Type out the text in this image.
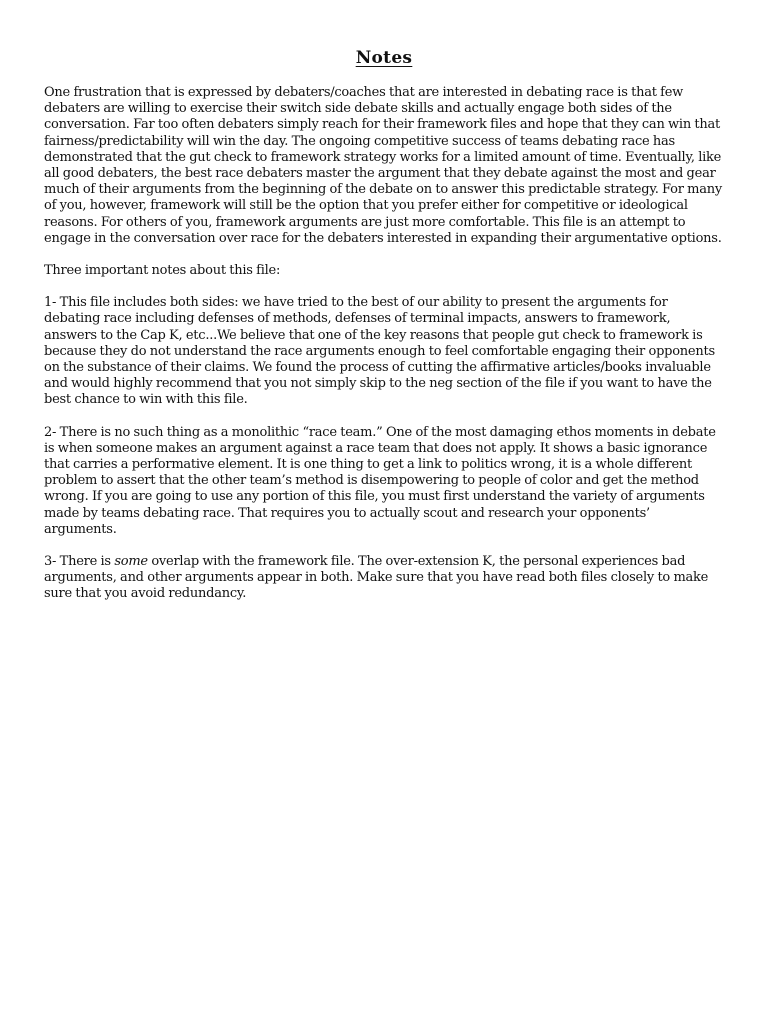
Notes

One frustration that is expressed by debaters/coaches that are interested in debating race is that few debaters are willing to exercise their switch side debate skills and actually engage both sides of the conversation. Far too often debaters simply reach for their framework files and hope that they can win that fairness/predictability will win the day. The ongoing competitive success of teams debating race has demonstrated that the gut check to framework strategy works for a limited amount of time. Eventually, like all good debaters, the best race debaters master the argument that they debate against the most and gear much of their arguments from the beginning of the debate on to answer this predictable strategy. For many of you, however, framework will still be the option that you prefer either for competitive or ideological reasons. For others of you, framework arguments are just more comfortable. This file is an attempt to engage in the conversation over race for the debaters interested in expanding their argumentative options.

Three important notes about this file:

1- This file includes both sides: we have tried to the best of our ability to present the arguments for debating race including defenses of methods, defenses of terminal impacts, answers to framework, answers to the Cap K, etc...We believe that one of the key reasons that people gut check to framework is because they do not understand the race arguments enough to feel comfortable engaging their opponents on the substance of their claims. We found the process of cutting the affirmative articles/books invaluable and would highly recommend that you not simply skip to the neg section of the file if you want to have the best chance to win with this file.

2- There is no such thing as a monolithic “race team.” One of the most damaging ethos moments in debate is when someone makes an argument against a race team that does not apply. It shows a basic ignorance that carries a performative element. It is one thing to get a link to politics wrong, it is a whole different problem to assert that the other team’s method is disempowering to people of color and get the method wrong. If you are going to use any portion of this file, you must first understand the variety of arguments made by teams debating race. That requires you to actually scout and research your opponents’ arguments.

3- There is some overlap with the framework file. The over-extension K, the personal experiences bad arguments, and other arguments appear in both. Make sure that you have read both files closely to make sure that you avoid redundancy.
